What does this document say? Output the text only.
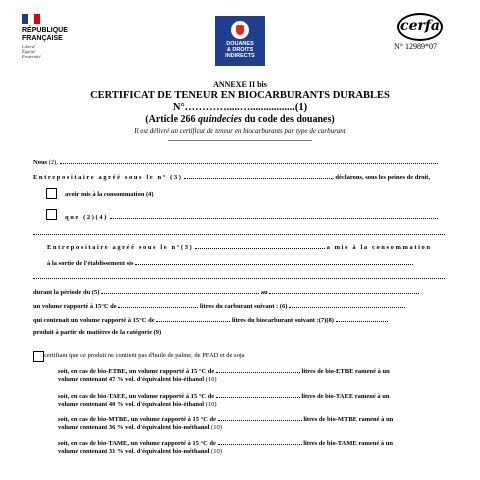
RÉPUBLIQUE
FRANÇAISE
Liberté
Égalité
Fraternité
DOUANES
& DROITS
INDIRECTS
cerfa
N° 12989*07
ANNEXE II bis
CERTIFICAT DE TENEUR EN BIOCARBURANTS DURABLES
N°………….....….................(1)
(Article 266 quindecies du code des douanes)
Il est délivré un certificat de teneur en biocarburants par type de carburant
Nous (2),
Entrepositaire agréé sous le n° (3)	, déclarons, sous les peines de droit,
avoir mis à la consommation (4)
que (2)(4)
Entrepositaire agréé sous le n°(3)	a mis à la consommation
à la sortie de l'établissement sis
durant la période du (5)	au
un volume rapporté à 15°C de	litres du carburant suivant : (6)
qui contenait un volume rapporté à 15°C de	litres du biocarburant suivant :(7)(8)
produit à partir de matières de la catégorie (9)
certifiant que ce produit ne contient pas d'huile de palme, de PFAD et de soja
soit, en cas de bio-ETBE, un volume rapporté à 15 °C de	litres de bio-ETBE ramené à un
volume contenant 47 % vol. d'équivalent bio-éthanol (10)
soit, en cas de bio-TAEE, un volume rapporté à 15 °C de	litres de bio-TAEE ramené à un
volume contenant 40 % vol. d'équivalent bio-éthanol (10)
soit, en cas de bio-MTBE, un volume rapporté à 15 °C de	litres de bio-MTBE ramené à un
volume contenant 36 % vol. d'équivalent bio-méthanol (10)
soit, en cas de bio-TAME, un volume rapporté à 15 °C de	litres de bio-TAME ramené à un
volume contenant 31 % vol. d'équivalent bio-méthanol (10)
